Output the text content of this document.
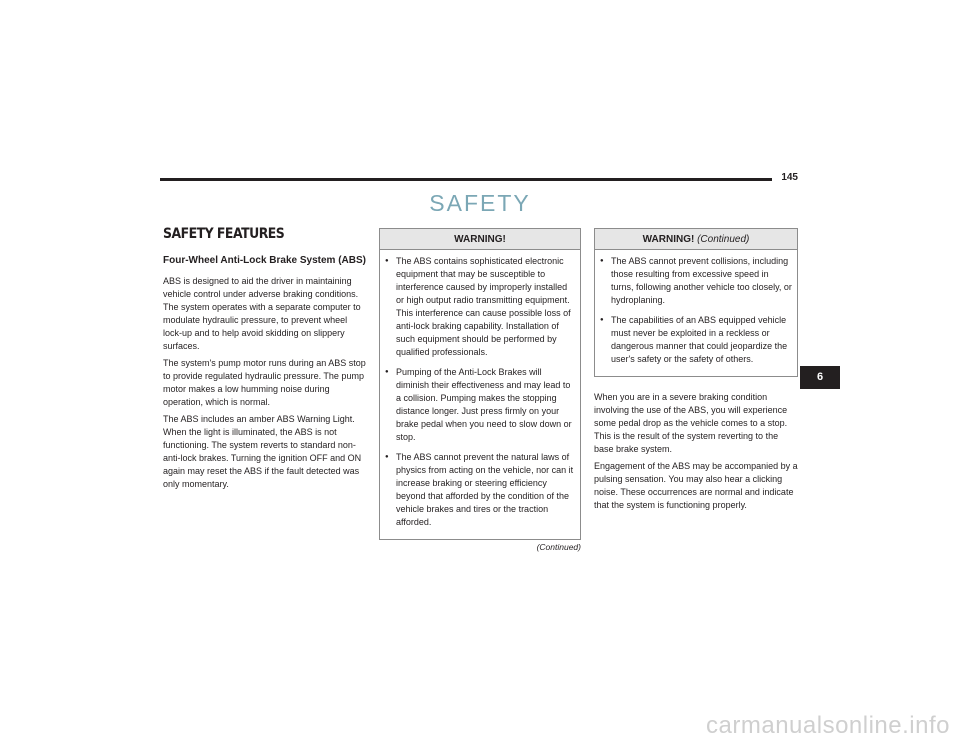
145
SAFETY
SAFETY FEATURES
Four-Wheel Anti-Lock Brake System (ABS)

ABS is designed to aid the driver in maintaining vehicle control under adverse braking conditions. The system operates with a separate computer to modulate hydraulic pressure, to prevent wheel lock-up and to help avoid skidding on slippery surfaces.

The system's pump motor runs during an ABS stop to provide regulated hydraulic pressure. The pump motor makes a low humming noise during operation, which is normal.

The ABS includes an amber ABS Warning Light. When the light is illuminated, the ABS is not functioning. The system reverts to standard non-anti-lock brakes. Turning the ignition OFF and ON again may reset the ABS if the fault detected was only momentary.

WARNING!
● The ABS contains sophisticated electronic equipment that may be susceptible to interference caused by improperly installed or high output radio transmitting equipment. This interference can cause possible loss of anti-lock braking capability. Installation of such equipment should be performed by qualified professionals.
● Pumping of the Anti-Lock Brakes will diminish their effectiveness and may lead to a collision. Pumping makes the stopping distance longer. Just press firmly on your brake pedal when you need to slow down or stop.
● The ABS cannot prevent the natural laws of physics from acting on the vehicle, nor can it increase braking or steering efficiency beyond that afforded by the condition of the vehicle brakes and tires or the traction afforded.
(Continued)
WARNING! (Continued)
● The ABS cannot prevent collisions, including those resulting from excessive speed in turns, following another vehicle too closely, or hydroplaning.
● The capabilities of an ABS equipped vehicle must never be exploited in a reckless or dangerous manner that could jeopardize the user's safety or the safety of others.

When you are in a severe braking condition involving the use of the ABS, you will experience some pedal drop as the vehicle comes to a stop. This is the result of the system reverting to the base brake system.

Engagement of the ABS may be accompanied by a pulsing sensation. You may also hear a clicking noise. These occurrences are normal and indicate that the system is functioning properly.

6
carmanualsonline.info
